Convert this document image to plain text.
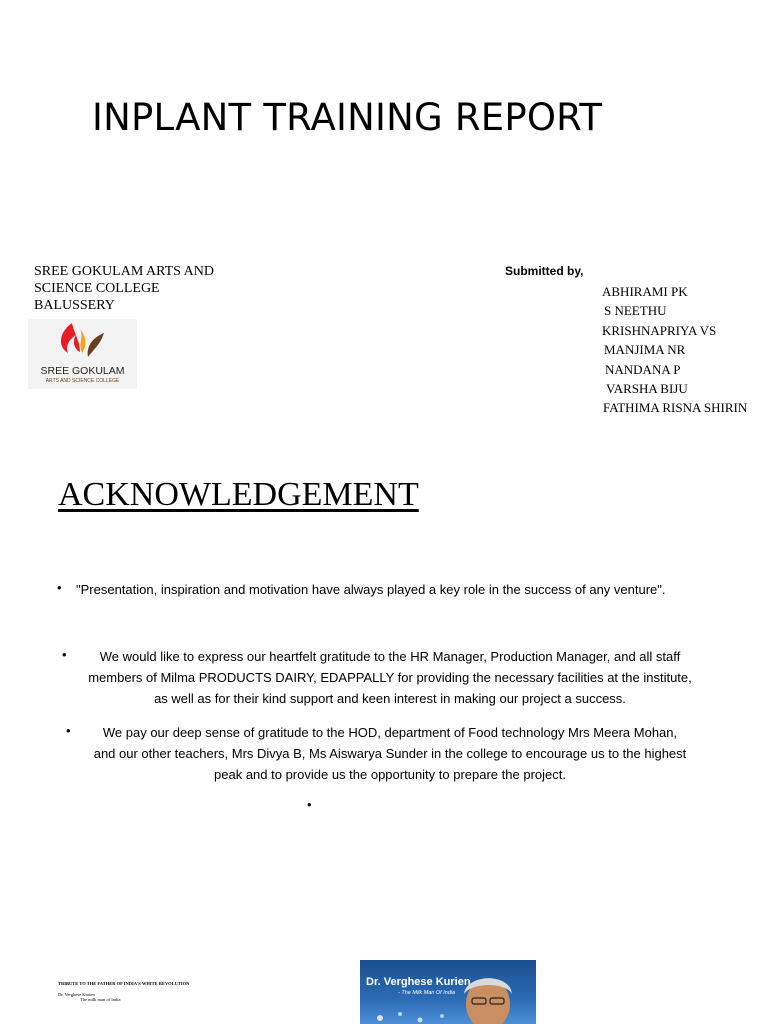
INPLANT TRAINING REPORT
SREE GOKULAM ARTS AND
SCIENCE COLLEGE
BALUSSERY
SREE GOKULAM
ARTS AND SCIENCE COLLEGE
Submitted by,
ABHIRAMI PK
S NEETHU
KRISHNAPRIYA VS
MANJIMA NR
NANDANA P
VARSHA BIJU
FATHIMA RISNA SHIRIN
ACKNOWLEDGEMENT
• "Presentation, inspiration and motivation have always played a key role in the success of any venture".
•	We would like to express our heartfelt gratitude to the HR Manager, Production Manager, and all staff
members of Milma PRODUCTS DAIRY, EDAPPALLY for providing the necessary facilities at the institute,
as well as for their kind support and keen interest in making our project a success.
•	We pay our deep sense of gratitude to the HOD, department of Food technology Mrs Meera Mohan,
and our other teachers, Mrs Divya B, Ms Aiswarya Sunder in the college to encourage us to the highest
peak and to provide us the opportunity to prepare the project.
•
TRIBUTE TO THE FATHER OF INDIA'S WHITE REVOLUTION
Dr. Verghese Kurien
The milk man of India
Dr. Verghese Kurien
- The Milk Man Of India
